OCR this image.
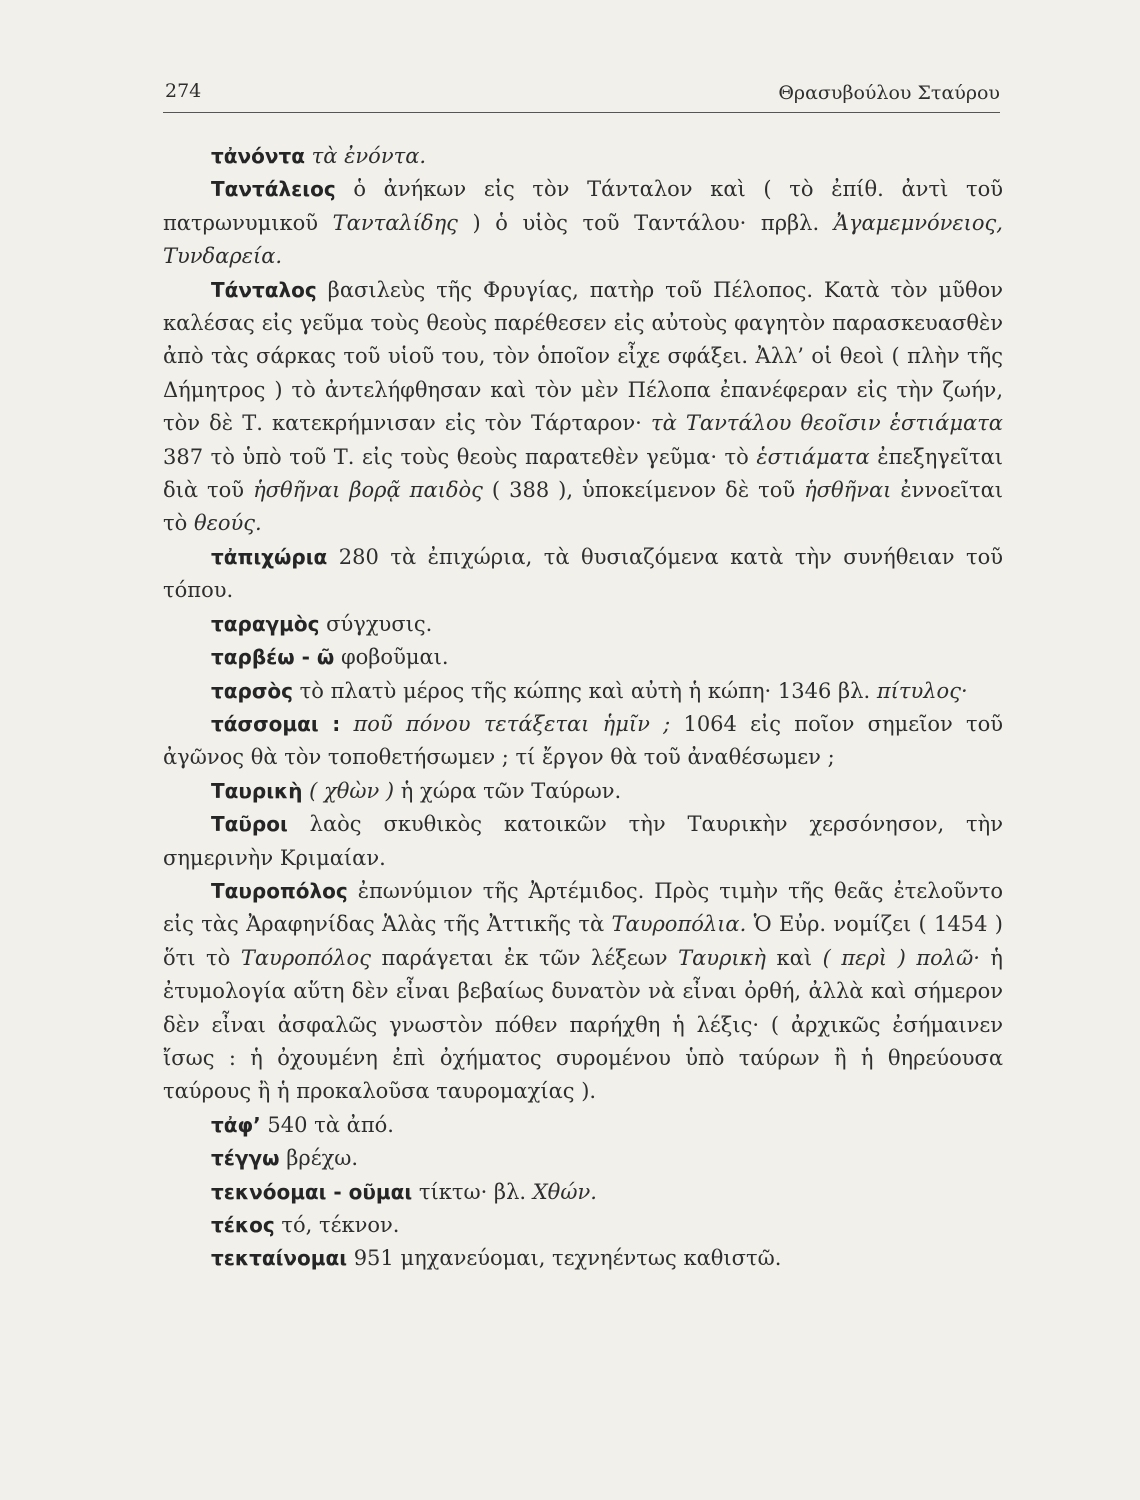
274	Θρασυβούλου Σταύρου

τἀνόντα τὰ ἐνόντα.

Ταντάλειος ὁ ἀνήκων εἰς τὸν Τάνταλον καὶ ( τὸ ἐπίθ. ἀντὶ τοῦ πατρωνυμικοῦ Τανταλίδης ) ὁ υἱὸς τοῦ Ταντάλου· πρβλ. Ἀγαμεμνόνειος, Τυνδαρεία.

Τάνταλος βασιλεὺς τῆς Φρυγίας, πατὴρ τοῦ Πέλοπος. Κατὰ τὸν μῦθον καλέσας εἰς γεῦμα τοὺς θεοὺς παρέθεσεν εἰς αὐτοὺς φαγητὸν παρασκευασθὲν ἀπὸ τὰς σάρκας τοῦ υἱοῦ του, τὸν ὁποῖον εἶχε σφάξει. Ἀλλ’ οἱ θεοὶ ( πλὴν τῆς Δήμητρος ) τὸ ἀντελήφθησαν καὶ τὸν μὲν Πέλοπα ἐπανέφεραν εἰς τὴν ζωήν, τὸν δὲ Τ. κατεκρήμνισαν εἰς τὸν Τάρταρον· τὰ Ταντάλου θεοῖσιν ἑστιάματα 387 τὸ ὑπὸ τοῦ Τ. εἰς τοὺς θεοὺς παρατεθὲν γεῦμα· τὸ ἑστιάματα ἐπεξηγεῖται διὰ τοῦ ἡσθῆναι βορᾷ παιδὸς ( 388 ), ὑποκείμενον δὲ τοῦ ἡσθῆναι ἐννοεῖται τὸ θεούς.

τἀπιχώρια 280 τὰ ἐπιχώρια, τὰ θυσιαζόμενα κατὰ τὴν συνήθειαν τοῦ τόπου.

ταραγμὸς σύγχυσις.

ταρβέω - ῶ φοβοῦμαι.

ταρσὸς τὸ πλατὺ μέρος τῆς κώπης καὶ αὐτὴ ἡ κώπη· 1346 βλ. πίτυλος·

τάσσομαι : ποῦ πόνου τετάξεται ἡμῖν ; 1064 εἰς ποῖον σημεῖον τοῦ ἀγῶνος θὰ τὸν τοποθετήσωμεν ; τί ἔργον θὰ τοῦ ἀναθέσωμεν ;

Ταυρικὴ ( χθὼν ) ἡ χώρα τῶν Ταύρων.

Ταῦροι λαὸς σκυθικὸς κατοικῶν τὴν Ταυρικὴν χερσόνησον, τὴν σημερινὴν Κριμαίαν.

Ταυροπόλος ἐπωνύμιον τῆς Ἀρτέμιδος. Πρὸς τιμὴν τῆς θεᾶς ἐτελοῦντο εἰς τὰς Ἀραφηνίδας Ἁλὰς τῆς Ἀττικῆς τὰ Ταυροπόλια. Ὁ Εὐρ. νομίζει ( 1454 ) ὅτι τὸ Ταυροπόλος παράγεται ἐκ τῶν λέξεων Ταυρικὴ καὶ ( περὶ ) πολῶ· ἡ ἐτυμολογία αὕτη δὲν εἶναι βεβαίως δυνατὸν νὰ εἶναι ὀρθή, ἀλλὰ καὶ σήμερον δὲν εἶναι ἀσφαλῶς γνωστὸν πόθεν παρήχθη ἡ λέξις· ( ἀρχικῶς ἐσήμαινεν ἴσως : ἡ ὀχουμένη ἐπὶ ὀχήματος συρομένου ὑπὸ ταύρων ἢ ἡ θηρεύουσα ταύρους ἢ ἡ προκαλοῦσα ταυρομαχίας ).

τἀφ’ 540 τὰ ἀπό.

τέγγω βρέχω.

τεκνόομαι - οῦμαι τίκτω· βλ. Χθών.

τέκος τό, τέκνον.

τεκταίνομαι 951 μηχανεύομαι, τεχνηέντως καθιστῶ.
